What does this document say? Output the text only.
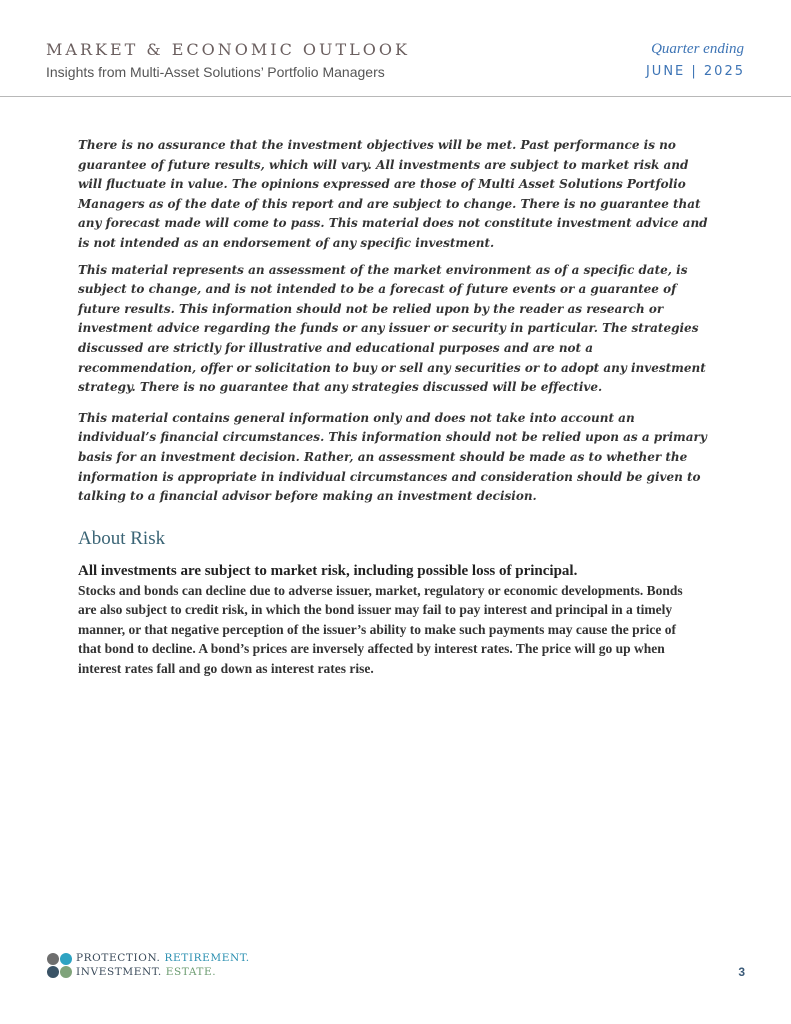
MARKET & ECONOMIC OUTLOOK
Insights from Multi-Asset Solutions’ Portfolio Managers
Quarter ending
JUNE | 2025

There is no assurance that the investment objectives will be met. Past performance is no guarantee of future results, which will vary. All investments are subject to market risk and will fluctuate in value. The opinions expressed are those of Multi Asset Solutions Portfolio Managers as of the date of this report and are subject to change. There is no guarantee that any forecast made will come to pass. This material does not constitute investment advice and is not intended as an endorsement of any specific investment.

This material represents an assessment of the market environment as of a specific date, is subject to change, and is not intended to be a forecast of future events or a guarantee of future results. This information should not be relied upon by the reader as research or investment advice regarding the funds or any issuer or security in particular. The strategies discussed are strictly for illustrative and educational purposes and are not a recommendation, offer or solicitation to buy or sell any securities or to adopt any investment strategy. There is no guarantee that any strategies discussed will be effective.

This material contains general information only and does not take into account an individual’s financial circumstances. This information should not be relied upon as a primary basis for an investment decision. Rather, an assessment should be made as to whether the information is appropriate in individual circumstances and consideration should be given to talking to a financial advisor before making an investment decision.

About Risk

All investments are subject to market risk, including possible loss of principal.

Stocks and bonds can decline due to adverse issuer, market, regulatory or economic developments. Bonds are also subject to credit risk, in which the bond issuer may fail to pay interest and principal in a timely manner, or that negative perception of the issuer’s ability to make such payments may cause the price of that bond to decline. A bond’s prices are inversely affected by interest rates. The price will go up when interest rates fall and go down as interest rates rise.

PROTECTION. RETIREMENT.
INVESTMENT. ESTATE.	3
